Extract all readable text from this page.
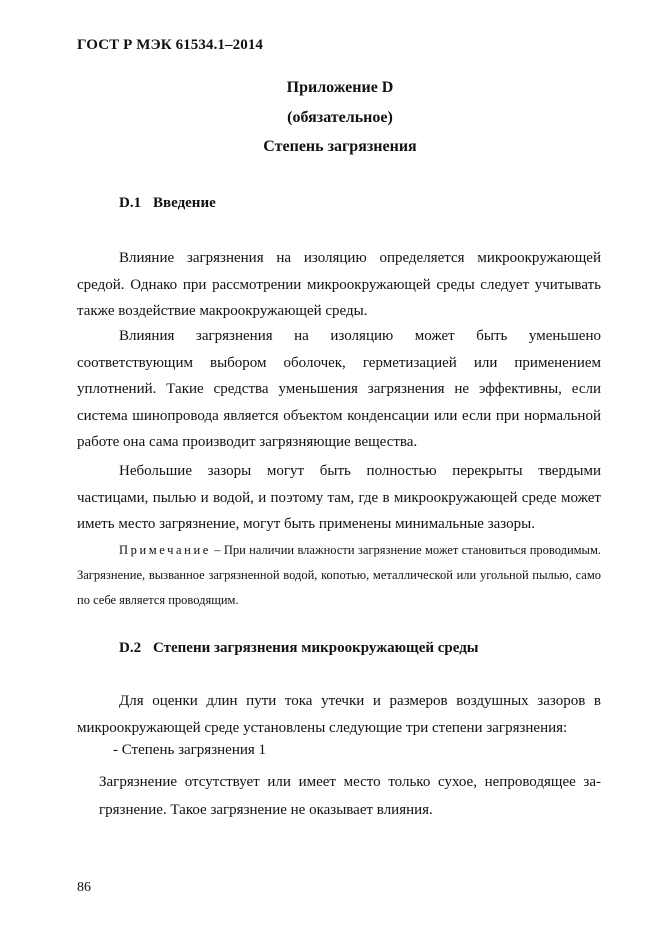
ГОСТ Р МЭК 61534.1–2014
Приложение D
(обязательное)
Степень загрязнения
D.1 Введение

Влияние загрязнения на изоляцию определяется микроокружающей средой. Однако при рассмотрении микроокружающей среды следует учитывать также воздействие макроокружающей среды.

Влияния загрязнения на изоляцию может быть уменьшено соответствующим выбором оболочек, герметизацией или применением уплотнений. Такие средства уменьшения загрязнения не эффективны, если система шинопровода является объектом конденсации или если при нормальной работе она сама производит загрязняющие вещества.

Небольшие зазоры могут быть полностью перекрыты твердыми частицами, пылью и водой, и поэтому там, где в микроокружающей среде может иметь место загрязнение, могут быть применены минимальные зазоры.

Примечание – При наличии влажности загрязнение может становиться проводимым. Загрязнение, вызванное загрязненной водой, копотью, металлической или угольной пылью, само по себе является проводящим.

D.2 Степени загрязнения микроокружающей среды

Для оценки длин пути тока утечки и размеров воздушных зазоров в микроокружающей среде установлены следующие три степени загрязнения:

- Степень загрязнения 1

Загрязнение отсутствует или имеет место только сухое, непроводящее за-
грязнение. Такое загрязнение не оказывает влияния.

86
